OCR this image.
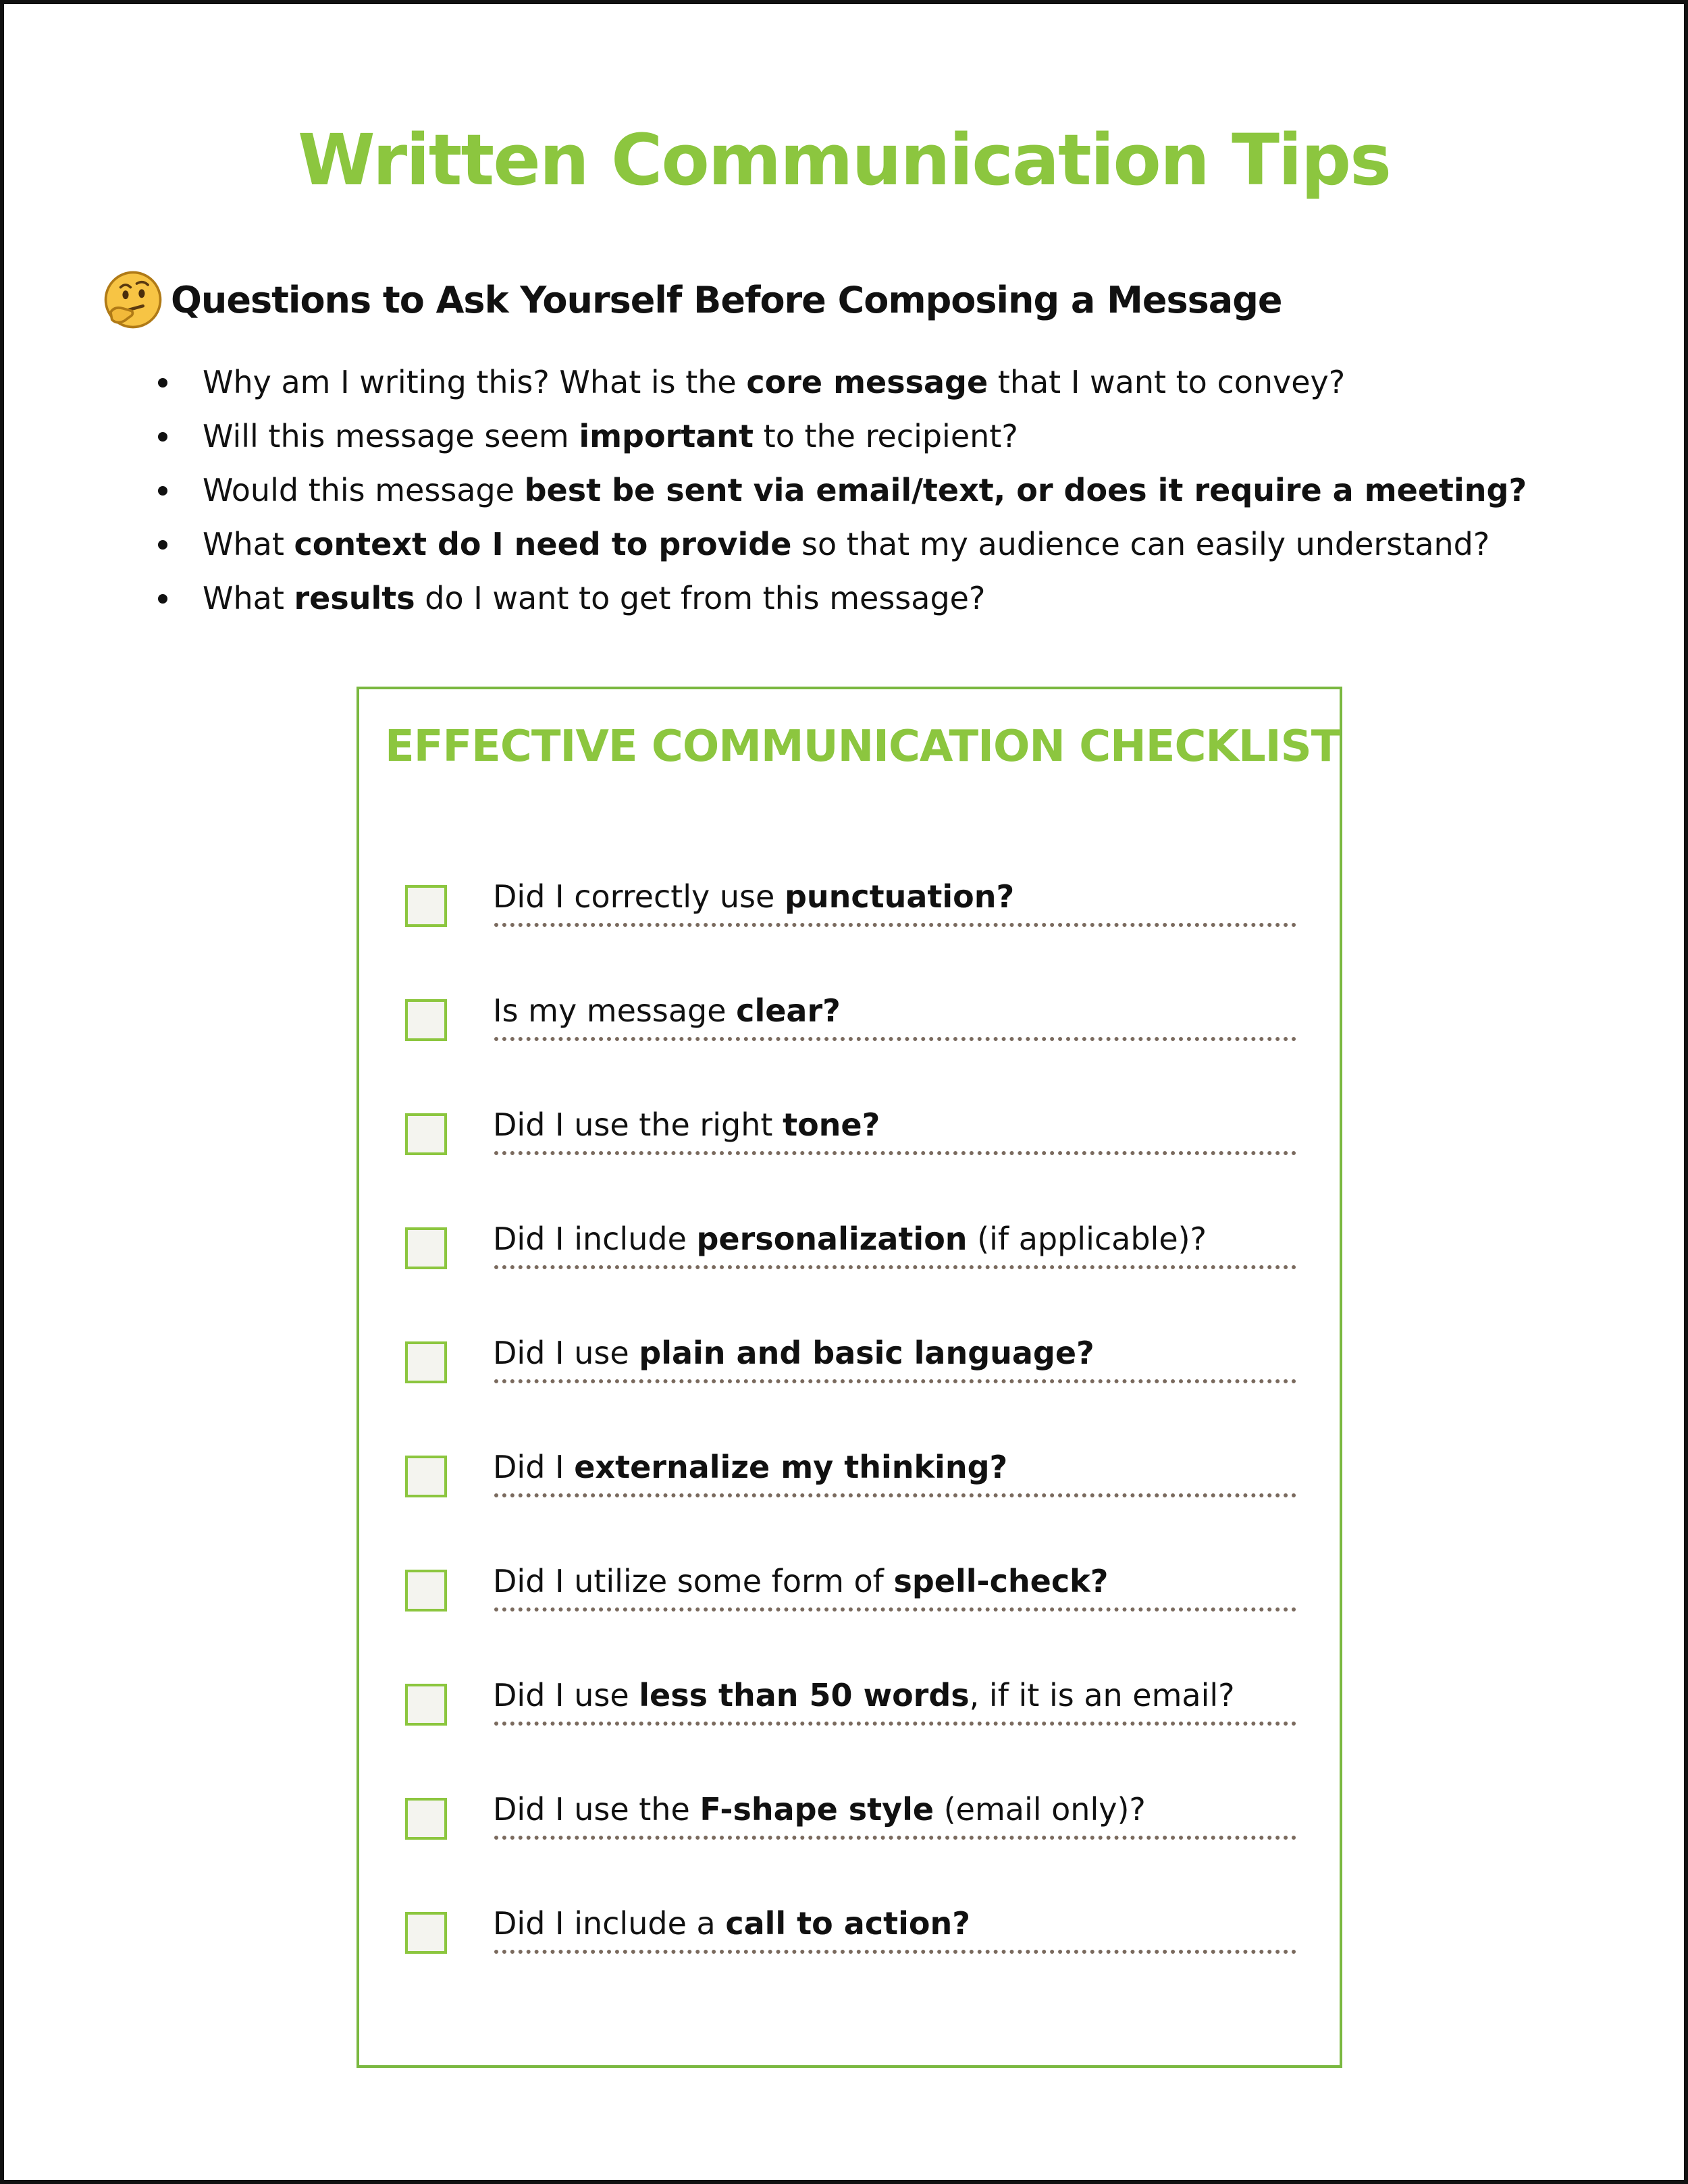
Written Communication Tips
Questions to Ask Yourself Before Composing a Message
Why am I writing this? What is the core message that I want to convey?
Will this message seem important to the recipient?
Would this message best be sent via email/text, or does it require a meeting?
What context do I need to provide so that my audience can easily understand?
What results do I want to get from this message?
EFFECTIVE COMMUNICATION CHECKLIST
Did I correctly use punctuation?
Is my message clear?
Did I use the right tone?
Did I include personalization (if applicable)?
Did I use plain and basic language?
Did I externalize my thinking?
Did I utilize some form of spell-check?
Did I use less than 50 words, if it is an email?
Did I use the F-shape style (email only)?
Did I include a call to action?
